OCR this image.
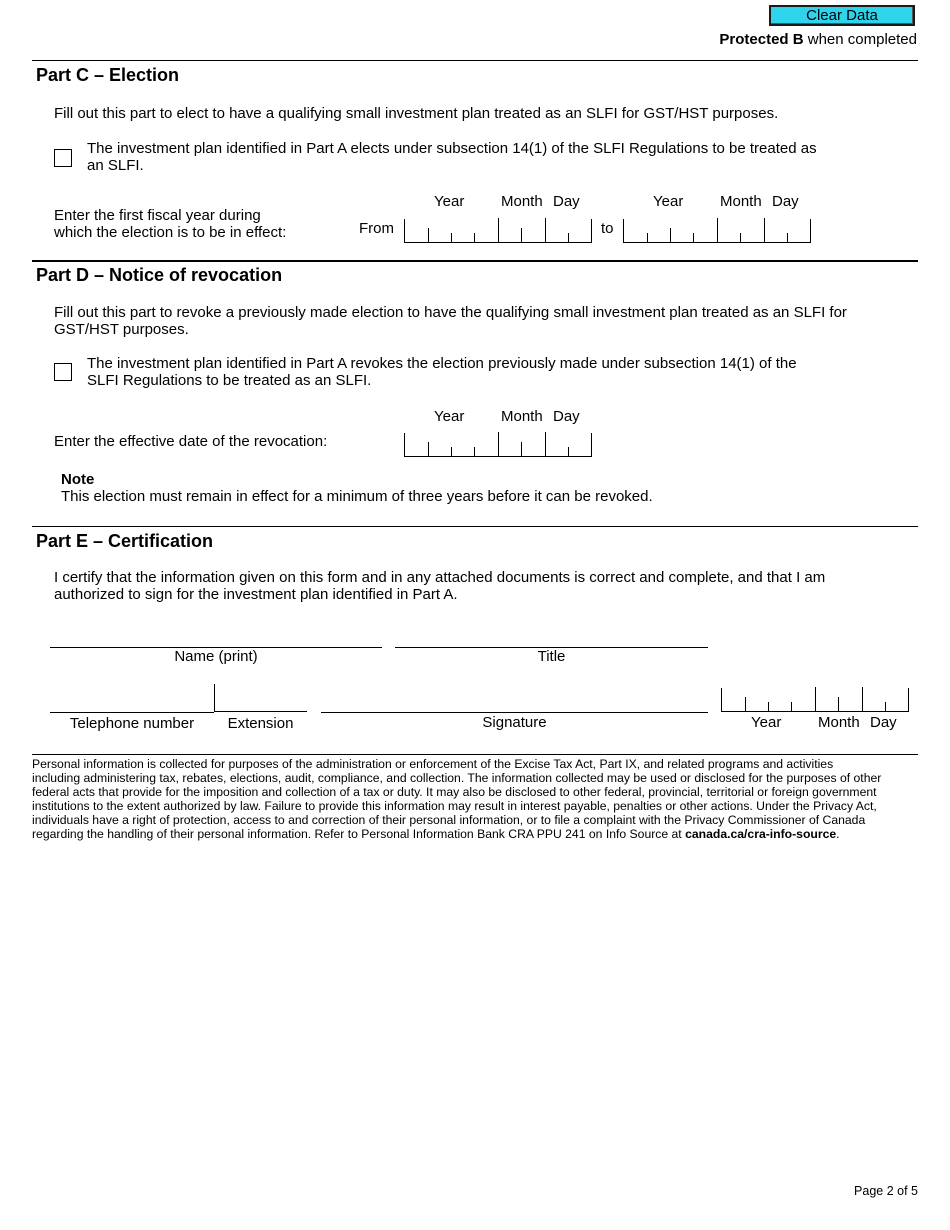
Clear Data
Protected B when completed
Part C – Election
Fill out this part to elect to have a qualifying small investment plan treated as an SLFI for GST/HST purposes.
The investment plan identified in Part A elects under subsection 14(1) of the SLFI Regulations to be treated as
an SLFI.
Year Month Day	Year Month Day
Enter the first fiscal year during
which the election is to be in effect:	From	to
Part D – Notice of revocation
Fill out this part to revoke a previously made election to have the qualifying small investment plan treated as an SLFI for
GST/HST purposes.
The investment plan identified in Part A revokes the election previously made under subsection 14(1) of the
SLFI Regulations to be treated as an SLFI.
Year Month Day
Enter the effective date of the revocation:
Note
This election must remain in effect for a minimum of three years before it can be revoked.
Part E – Certification
I certify that the information given on this form and in any attached documents is correct and complete, and that I am
authorized to sign for the investment plan identified in Part A.
Name (print)	Title
Telephone number	Extension	Signature	Year Month Day
Personal information is collected for purposes of the administration or enforcement of the Excise Tax Act, Part IX, and related programs and activities
including administering tax, rebates, elections, audit, compliance, and collection. The information collected may be used or disclosed for the purposes of other
federal acts that provide for the imposition and collection of a tax or duty. It may also be disclosed to other federal, provincial, territorial or foreign government
institutions to the extent authorized by law. Failure to provide this information may result in interest payable, penalties or other actions. Under the Privacy Act,
individuals have a right of protection, access to and correction of their personal information, or to file a complaint with the Privacy Commissioner of Canada
regarding the handling of their personal information. Refer to Personal Information Bank CRA PPU 241 on Info Source at canada.ca/cra-info-source.
Page 2 of 5
